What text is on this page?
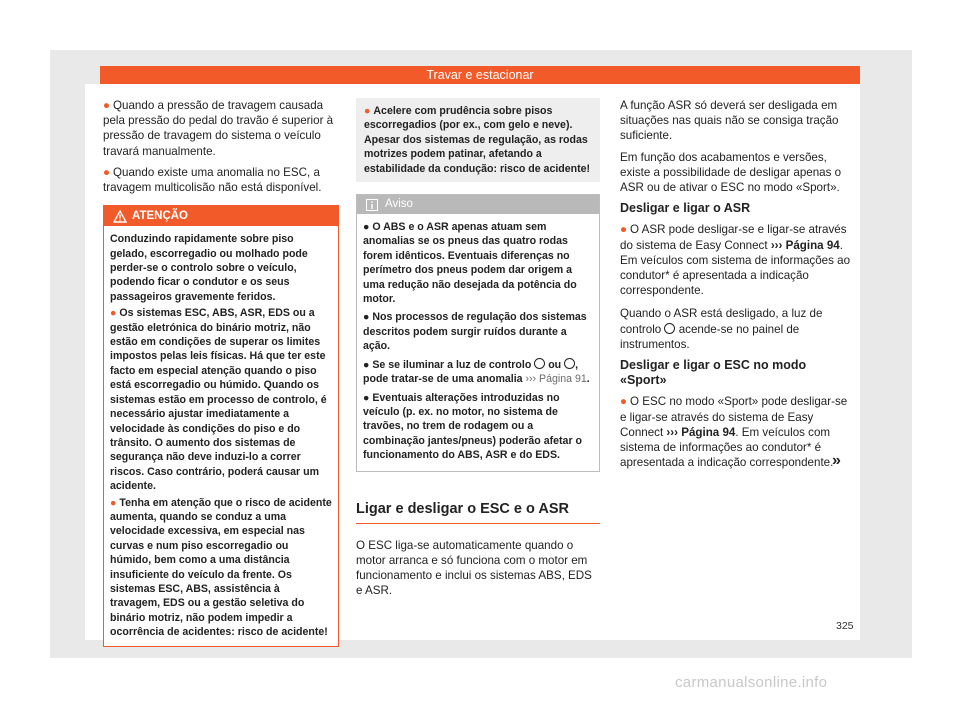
Travar e estacionar

● Quando a pressão de travagem causada pela pressão do pedal do travão é superior à pressão de travagem do sistema o veículo travará manualmente.

● Quando existe uma anomalia no ESC, a travagem multicolisão não está disponível.

ATENÇÃO

Conduzindo rapidamente sobre piso gelado, escorregadio ou molhado pode perder-se o controlo sobre o veículo, podendo ficar o condutor e os seus passageiros gravemente feridos.

● Os sistemas ESC, ABS, ASR, EDS ou a gestão eletrónica do binário motriz, não estão em condições de superar os limites impostos pelas leis físicas. Há que ter este facto em especial atenção quando o piso está escorregadio ou húmido. Quando os sistemas estão em processo de controlo, é necessário ajustar imediatamente a velocidade às condições do piso e do trânsito. O aumento dos sistemas de segurança não deve induzi-lo a correr riscos. Caso contrário, poderá causar um acidente.

● Tenha em atenção que o risco de acidente aumenta, quando se conduz a uma velocidade excessiva, em especial nas curvas e num piso escorregadio ou húmido, bem como a uma distância insuficiente do veículo da frente. Os sistemas ESC, ABS, assistência à travagem, EDS ou a gestão seletiva do binário motriz, não podem impedir a ocorrência de acidentes: risco de acidente!

● Acelere com prudência sobre pisos escorregadios (por ex., com gelo e neve). Apesar dos sistemas de regulação, as rodas motrizes podem patinar, afetando a estabilidade da condução: risco de acidente!
Aviso

● O ABS e o ASR apenas atuam sem anomalias se os pneus das quatro rodas forem idênticos. Eventuais diferenças no perímetro dos pneus podem dar origem a uma redução não desejada da potência do motor.

● Nos processos de regulação dos sistemas descritos podem surgir ruídos durante a ação.

● Se se iluminar a luz de controlo ou , pode tratar-se de uma anomalia ››› Página 91.

● Eventuais alterações introduzidas no veículo (p. ex. no motor, no sistema de travões, no trem de rodagem ou a combinação jantes/pneus) poderão afetar o funcionamento do ABS, ASR e do EDS.

Ligar e desligar o ESC e o ASR

O ESC liga-se automaticamente quando o motor arranca e só funciona com o motor em funcionamento e inclui os sistemas ABS, EDS e ASR.

A função ASR só deverá ser desligada em situações nas quais não se consiga tração suficiente.

Em função dos acabamentos e versões, existe a possibilidade de desligar apenas o ASR ou de ativar o ESC no modo «Sport».

Desligar e ligar o ASR

● O ASR pode desligar-se e ligar-se através do sistema de Easy Connect ››› Página 94. Em veículos com sistema de informações ao condutor* é apresentada a indicação correspondente.

Quando o ASR está desligado, a luz de controlo acende-se no painel de instrumentos.

Desligar e ligar o ESC no modo «Sport»

● O ESC no modo «Sport» pode desligar-se e ligar-se através do sistema de Easy Connect ››› Página 94. Em veículos com sistema de informações ao condutor* é apresentada a indicação correspondente.

»
325
carmanualsonline.info
